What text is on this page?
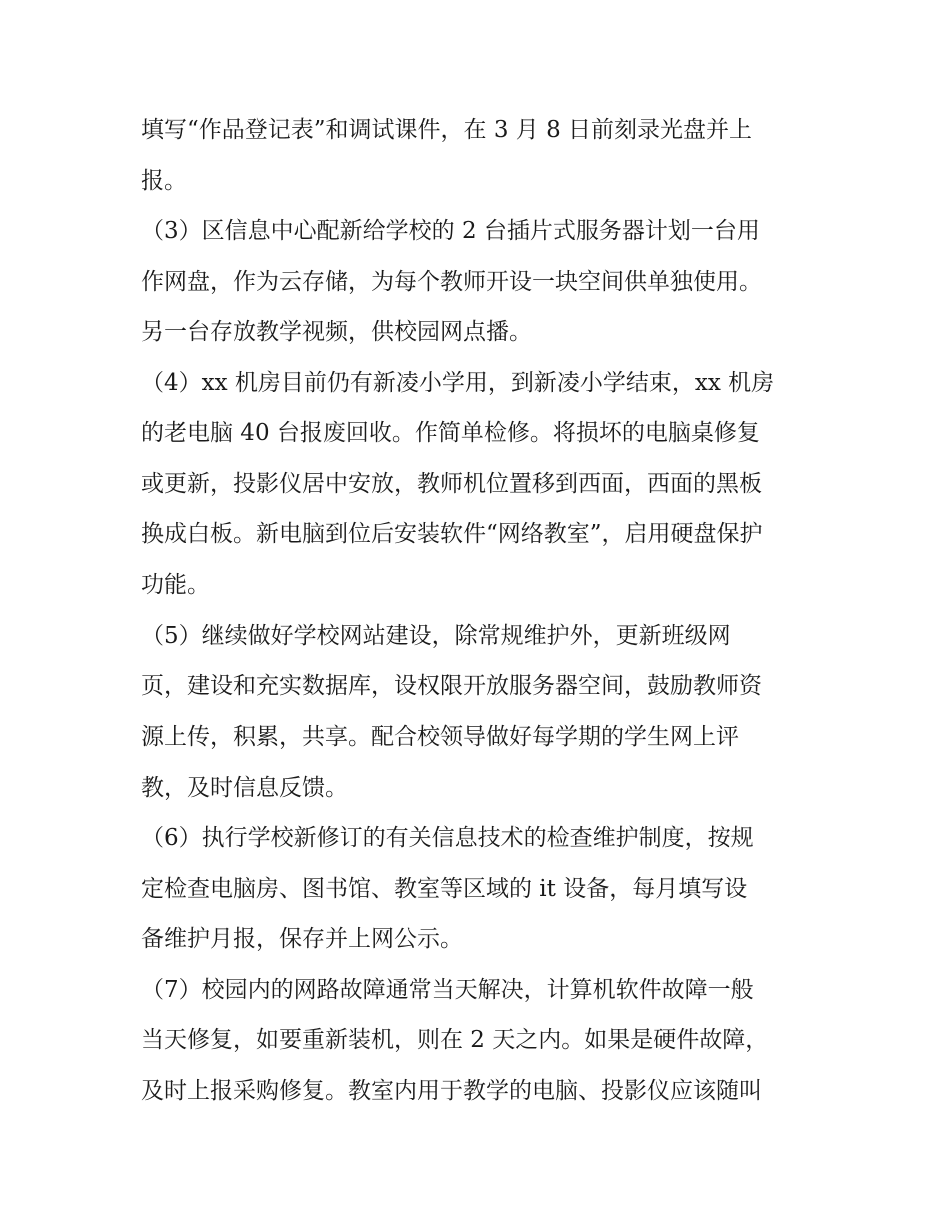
填写“作品登记表”和调试课件，在 3 月 8 日前刻录光盘并上
报。
（3）区信息中心配新给学校的 2 台插片式服务器计划一台用
作网盘，作为云存储，为每个教师开设一块空间供单独使用。
另一台存放教学视频，供校园网点播。
（4）xx 机房目前仍有新凌小学用，到新凌小学结束，xx 机房
的老电脑 40 台报废回收。作简单检修。将损坏的电脑桌修复
或更新，投影仪居中安放，教师机位置移到西面，西面的黑板
换成白板。新电脑到位后安装软件“网络教室”，启用硬盘保护
功能。
（5）继续做好学校网站建设，除常规维护外，更新班级网
页，建设和充实数据库，设权限开放服务器空间，鼓励教师资
源上传，积累，共享。配合校领导做好每学期的学生网上评
教，及时信息反馈。
（6）执行学校新修订的有关信息技术的检查维护制度，按规
定检查电脑房、图书馆、教室等区域的 it 设备，每月填写设
备维护月报，保存并上网公示。
（7）校园内的网路故障通常当天解决，计算机软件故障一般
当天修复，如要重新装机，则在 2 天之内。如果是硬件故障，
及时上报采购修复。教室内用于教学的电脑、投影仪应该随叫
